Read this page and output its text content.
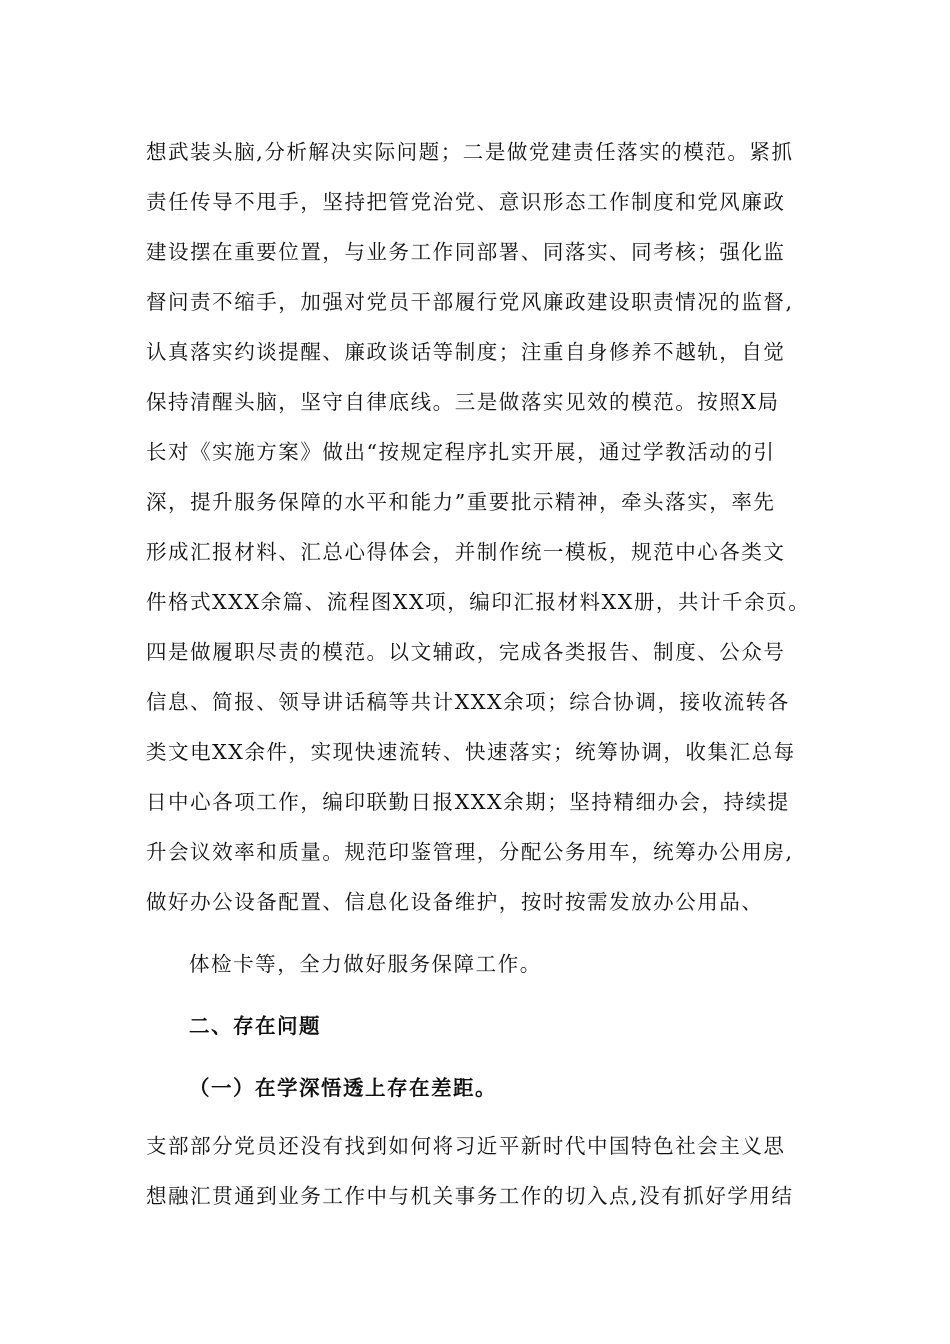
想武装头脑,分析解决实际问题；二是做党建责任落实的模范。紧抓
责任传导不甩手，坚持把管党治党、意识形态工作制度和党风廉政
建设摆在重要位置，与业务工作同部署、同落实、同考核；强化监
督问责不缩手，加强对党员干部履行党风廉政建设职责情况的监督,
认真落实约谈提醒、廉政谈话等制度；注重自身修养不越轨，自觉
保持清醒头脑，坚守自律底线。三是做落实见效的模范。按照X局
长对《实施方案》做出“按规定程序扎实开展，通过学教活动的引
深，提升服务保障的水平和能力”重要批示精神，牵头落实，率先
形成汇报材料、汇总心得体会，并制作统一模板，规范中心各类文
件格式XXX余篇、流程图XX项，编印汇报材料XX册，共计千余页。
四是做履职尽责的模范。以文辅政，完成各类报告、制度、公众号
信息、简报、领导讲话稿等共计XXX余项；综合协调，接收流转各
类文电XX余件，实现快速流转、快速落实；统筹协调，收集汇总每
日中心各项工作，编印联勤日报XXX余期；坚持精细办会，持续提
升会议效率和质量。规范印鉴管理，分配公务用车，统筹办公用房,
做好办公设备配置、信息化设备维护，按时按需发放办公用品、
体检卡等，全力做好服务保障工作。
二、存在问题
（一）在学深悟透上存在差距。
支部部分党员还没有找到如何将习近平新时代中国特色社会主义思
想融汇贯通到业务工作中与机关事务工作的切入点,没有抓好学用结
